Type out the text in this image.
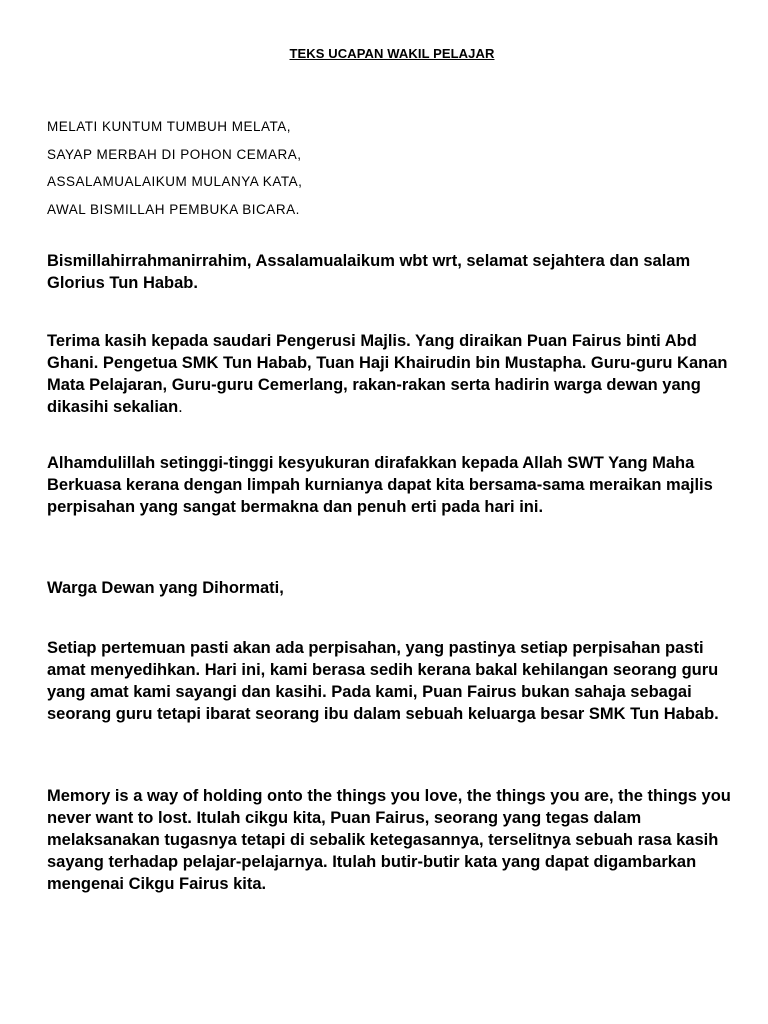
TEKS UCAPAN WAKIL PELAJAR
MELATI KUNTUM TUMBUH MELATA,
SAYAP MERBAH DI POHON CEMARA,
ASSALAMUALAIKUM MULANYA KATA,
AWAL BISMILLAH PEMBUKA BICARA.

Bismillahirrahmanirrahim, Assalamualaikum wbt wrt, selamat sejahtera dan salam Glorius Tun Habab.

Terima kasih kepada saudari Pengerusi Majlis. Yang diraikan Puan Fairus binti Abd Ghani. Pengetua SMK Tun Habab, Tuan Haji Khairudin bin Mustapha. Guru-guru Kanan Mata Pelajaran, Guru-guru Cemerlang, rakan-rakan serta hadirin warga dewan yang dikasihi sekalian.

Alhamdulillah setinggi-tinggi kesyukuran dirafakkan kepada Allah SWT Yang Maha Berkuasa kerana dengan limpah kurnianya dapat kita bersama-sama meraikan majlis perpisahan yang sangat bermakna dan penuh erti pada hari ini.

Warga Dewan yang Dihormati,

Setiap pertemuan pasti akan ada perpisahan, yang pastinya setiap perpisahan pasti amat menyedihkan. Hari ini, kami berasa sedih kerana bakal kehilangan seorang guru yang amat kami sayangi dan kasihi. Pada kami, Puan Fairus bukan sahaja sebagai seorang guru tetapi ibarat seorang ibu dalam sebuah keluarga besar SMK Tun Habab.

Memory is a way of holding onto the things you love, the things you are, the things you never want to lost. Itulah cikgu kita, Puan Fairus, seorang yang tegas dalam melaksanakan tugasnya tetapi di sebalik ketegasannya, terselitnya sebuah rasa kasih sayang terhadap pelajar-pelajarnya. Itulah butir-butir kata yang dapat digambarkan mengenai Cikgu Fairus kita.
